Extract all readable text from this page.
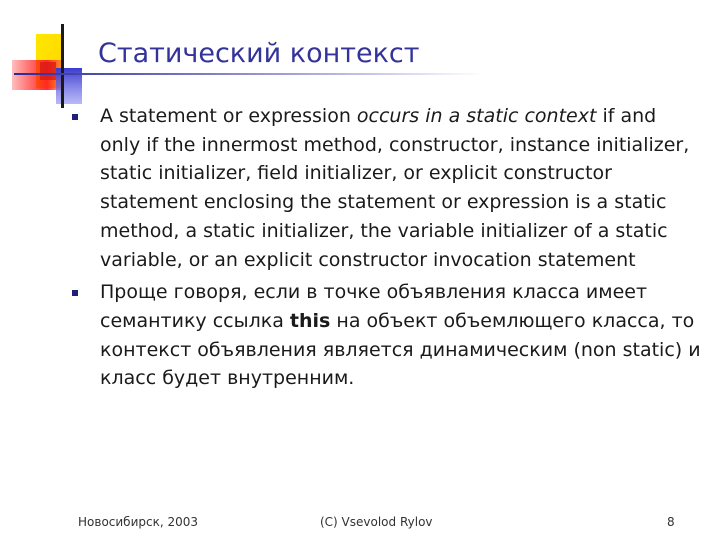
Статический контекст
A statement or expression occurs in a static context if and only if the innermost method, constructor, instance initializer, static initializer, field initializer, or explicit constructor statement enclosing the statement or expression is a static method, a static initializer, the variable initializer of a static variable, or an explicit constructor invocation statement
Проще говоря, если в точке объявления класса имеет семантику ссылка this на объект объемлющего класса, то контекст объявления является динамическим (non static) и класс будет внутренним.
Новосибирск, 2003	(C) Vsevolod Rylov	8
